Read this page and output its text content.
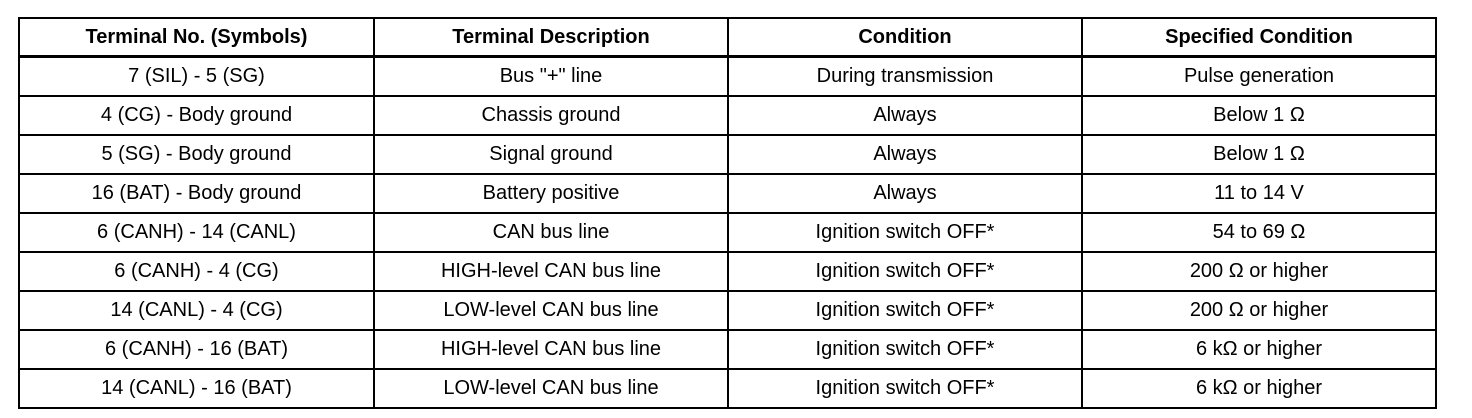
Terminal No. (Symbols)	Terminal Description	Condition	Specified Condition
7 (SIL) - 5 (SG)	Bus "+" line	During transmission	Pulse generation
4 (CG) - Body ground	Chassis ground	Always	Below 1 Ω
5 (SG) - Body ground	Signal ground	Always	Below 1 Ω
16 (BAT) - Body ground	Battery positive	Always	11 to 14 V
6 (CANH) - 14 (CANL)	CAN bus line	Ignition switch OFF*	54 to 69 Ω
6 (CANH) - 4 (CG)	HIGH-level CAN bus line	Ignition switch OFF*	200 Ω or higher
14 (CANL) - 4 (CG)	LOW-level CAN bus line	Ignition switch OFF*	200 Ω or higher
6 (CANH) - 16 (BAT)	HIGH-level CAN bus line	Ignition switch OFF*	6 kΩ or higher
14 (CANL) - 16 (BAT)	LOW-level CAN bus line	Ignition switch OFF*	6 kΩ or higher
